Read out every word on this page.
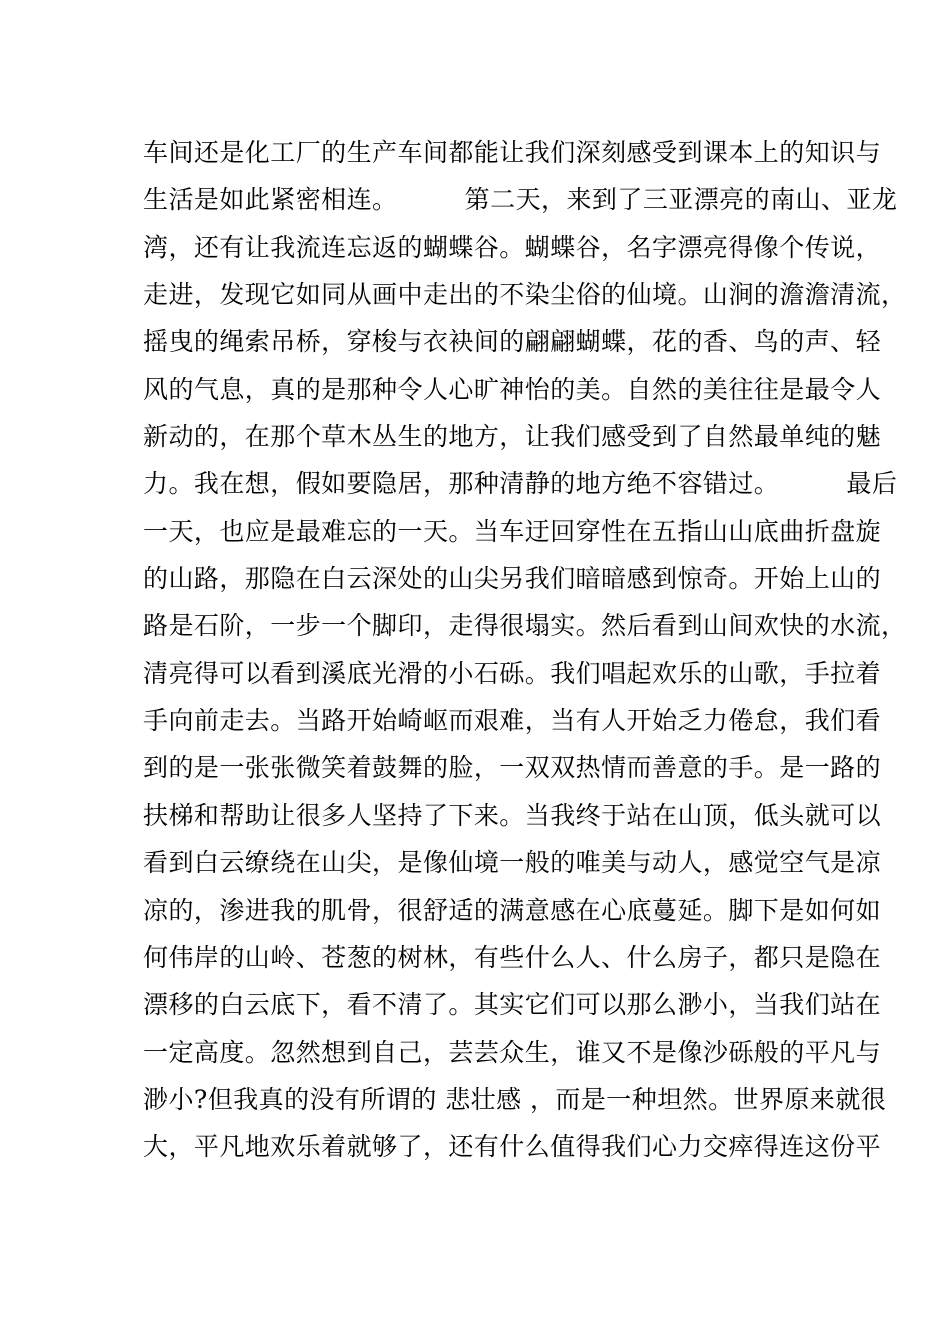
车间还是化工厂的生产车间都能让我们深刻感受到课本上的知识与
生活是如此紧密相连。        第二天，来到了三亚漂亮的南山、亚龙
湾，还有让我流连忘返的蝴蝶谷。蝴蝶谷，名字漂亮得像个传说，
走进，发现它如同从画中走出的不染尘俗的仙境。山涧的澹澹清流，
摇曳的绳索吊桥，穿梭与衣袂间的翩翩蝴蝶，花的香、鸟的声、轻
风的气息，真的是那种令人心旷神怡的美。自然的美往往是最令人
新动的，在那个草木丛生的地方，让我们感受到了自然最单纯的魅
力。我在想，假如要隐居，那种清静的地方绝不容错过。        最后
一天，也应是最难忘的一天。当车迂回穿性在五指山山底曲折盘旋
的山路，那隐在白云深处的山尖另我们暗暗感到惊奇。开始上山的
路是石阶，一步一个脚印，走得很塌实。然后看到山间欢快的水流，
清亮得可以看到溪底光滑的小石砾。我们唱起欢乐的山歌，手拉着
手向前走去。当路开始崎岖而艰难，当有人开始乏力倦怠，我们看
到的是一张张微笑着鼓舞的脸，一双双热情而善意的手。是一路的
扶梯和帮助让很多人坚持了下来。当我终于站在山顶，低头就可以
看到白云缭绕在山尖，是像仙境一般的唯美与动人，感觉空气是凉
凉的，渗进我的肌骨，很舒适的满意感在心底蔓延。脚下是如何如
何伟岸的山岭、苍葱的树林，有些什么人、什么房子，都只是隐在
漂移的白云底下，看不清了。其实它们可以那么渺小，当我们站在
一定高度。忽然想到自己，芸芸众生，谁又不是像沙砾般的平凡与
渺小?但我真的没有所谓的 悲壮感 ，而是一种坦然。世界原来就很
大，平凡地欢乐着就够了，还有什么值得我们心力交瘁得连这份平
